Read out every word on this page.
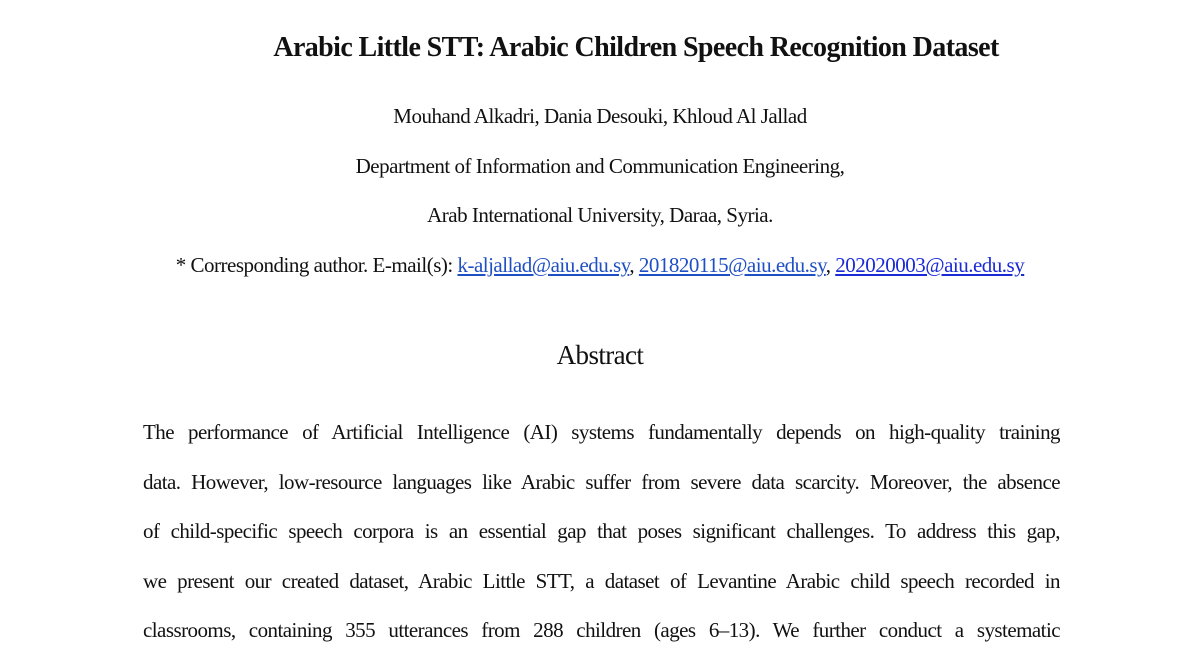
Arabic Little STT: Arabic Children Speech Recognition Dataset

Mouhand Alkadri, Dania Desouki, Khloud Al Jallad

Department of Information and Communication Engineering,

Arab International University, Daraa, Syria.

* Corresponding author. E-mail(s): k-aljallad@aiu.edu.sy, 201820115@aiu.edu.sy, 202020003@aiu.edu.sy

Abstract
The performance of Artificial Intelligence (AI) systems fundamentally depends on high-quality training
data. However, low-resource languages like Arabic suffer from severe data scarcity. Moreover, the absence
of child-specific speech corpora is an essential gap that poses significant challenges. To address this gap,
we present our created dataset, Arabic Little STT, a dataset of Levantine Arabic child speech recorded in
classrooms, containing 355 utterances from 288 children (ages 6–13). We further conduct a systematic
